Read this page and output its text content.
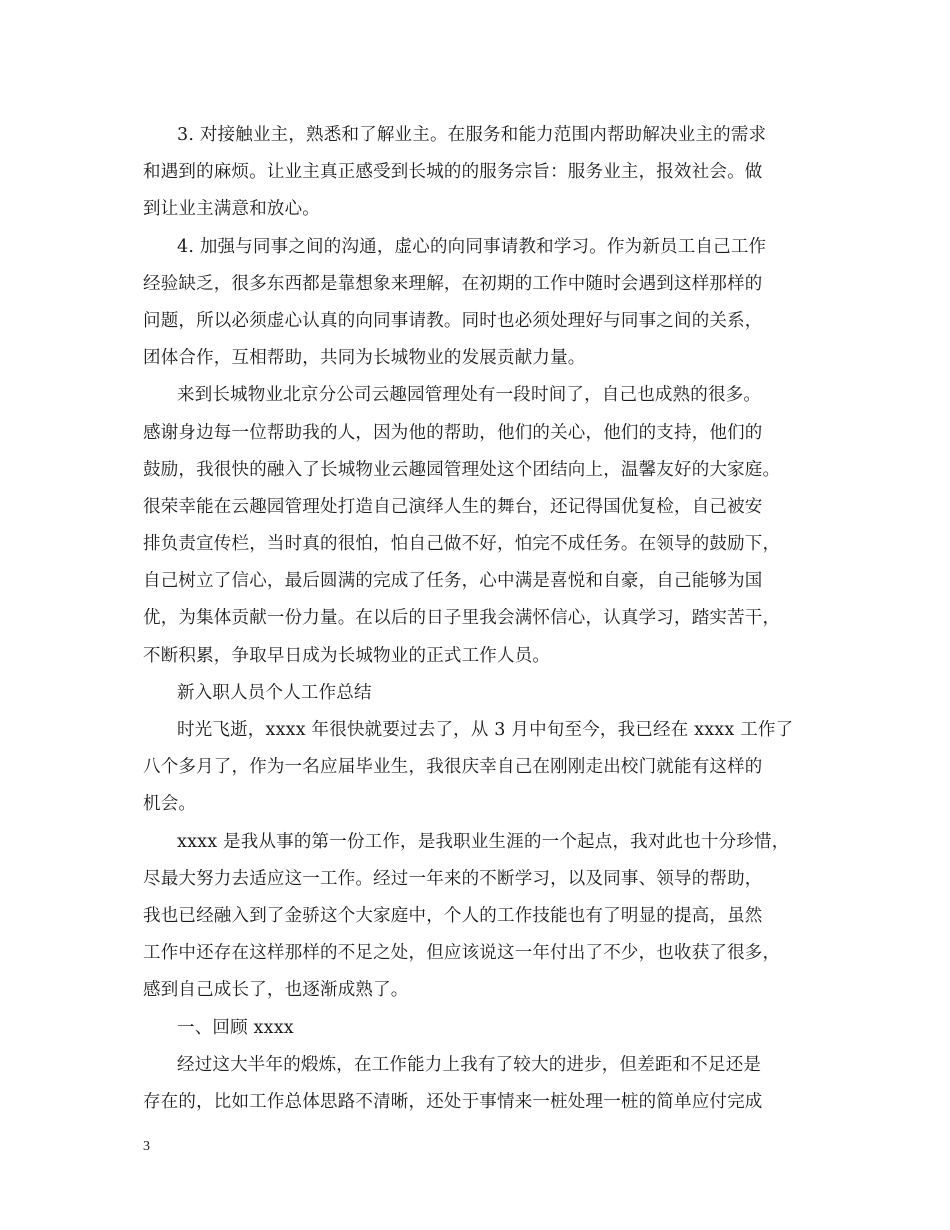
3. 对接触业主，熟悉和了解业主。在服务和能力范围内帮助解决业主的需求
和遇到的麻烦。让业主真正感受到长城的的服务宗旨：服务业主，报效社会。做
到让业主满意和放心。
4. 加强与同事之间的沟通，虚心的向同事请教和学习。作为新员工自己工作
经验缺乏，很多东西都是靠想象来理解，在初期的工作中随时会遇到这样那样的
问题，所以必须虚心认真的向同事请教。同时也必须处理好与同事之间的关系，
团体合作，互相帮助，共同为长城物业的发展贡献力量。
来到长城物业北京分公司云趣园管理处有一段时间了，自己也成熟的很多。
感谢身边每一位帮助我的人，因为他的帮助，他们的关心，他们的支持，他们的
鼓励，我很快的融入了长城物业云趣园管理处这个团结向上，温馨友好的大家庭。
很荣幸能在云趣园管理处打造自己演绎人生的舞台，还记得国优复检，自己被安
排负责宣传栏，当时真的很怕，怕自己做不好，怕完不成任务。在领导的鼓励下，
自己树立了信心，最后圆满的完成了任务，心中满是喜悦和自豪，自己能够为国
优，为集体贡献一份力量。在以后的日子里我会满怀信心，认真学习，踏实苦干，
不断积累，争取早日成为长城物业的正式工作人员。
新入职人员个人工作总结
时光飞逝，xxxx 年很快就要过去了，从 3 月中旬至今，我已经在 xxxx 工作了
八个多月了，作为一名应届毕业生，我很庆幸自己在刚刚走出校门就能有这样的
机会。
xxxx 是我从事的第一份工作，是我职业生涯的一个起点，我对此也十分珍惜，
尽最大努力去适应这一工作。经过一年来的不断学习，以及同事、领导的帮助，
我也已经融入到了金骄这个大家庭中，个人的工作技能也有了明显的提高，虽然
工作中还存在这样那样的不足之处，但应该说这一年付出了不少，也收获了很多，
感到自己成长了，也逐渐成熟了。
一、回顾 xxxx
经过这大半年的煅炼，在工作能力上我有了较大的进步，但差距和不足还是
存在的，比如工作总体思路不清晰，还处于事情来一桩处理一桩的简单应付完成
3
